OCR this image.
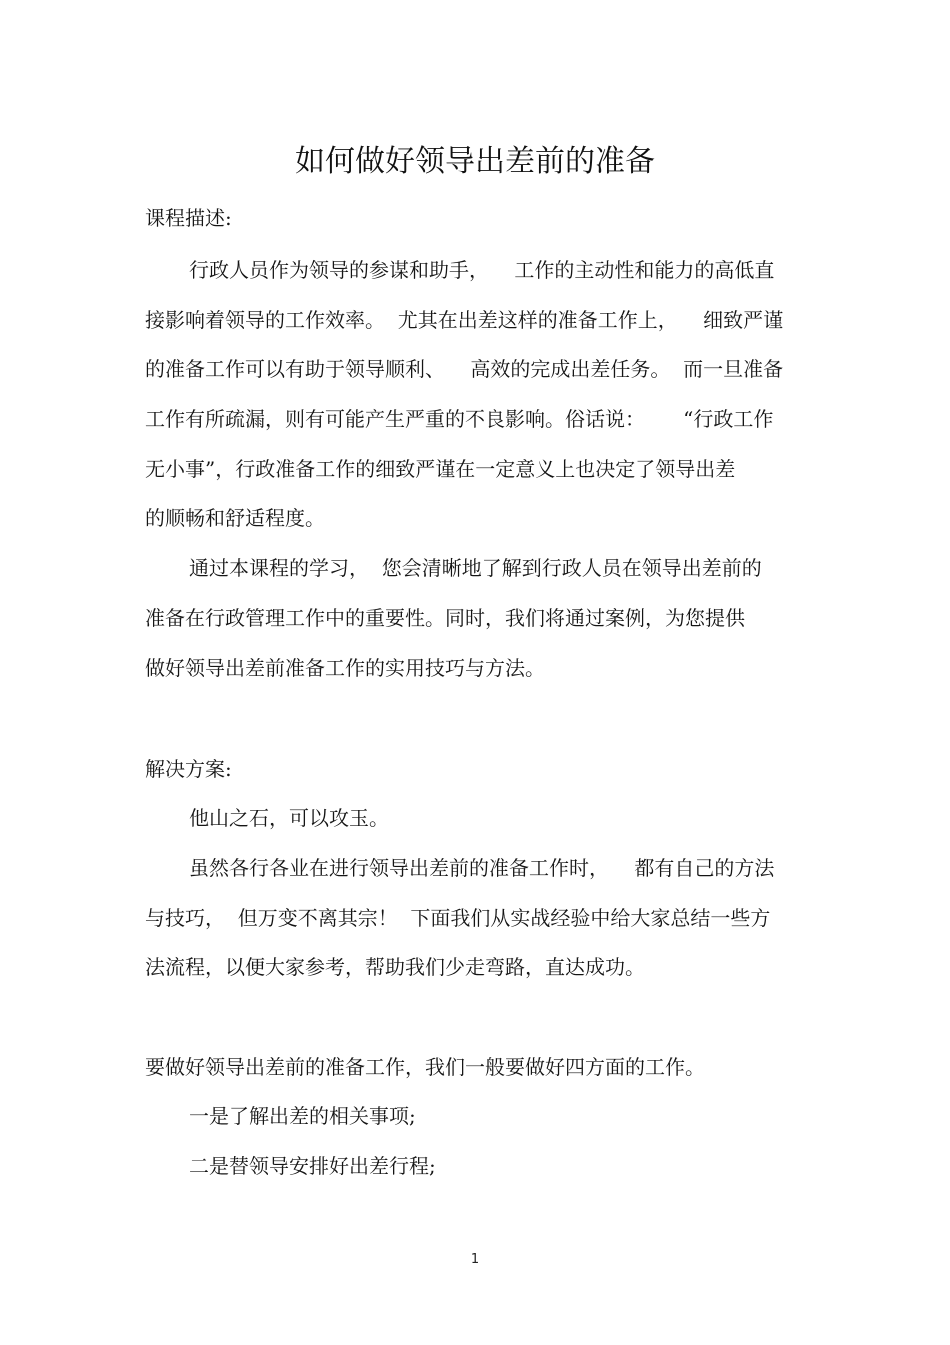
如何做好领导出差前的准备
课程描述:
行政人员作为领导的参谋和助手，    工作的主动性和能力的高低直
接影响着领导的工作效率。  尤其在出差这样的准备工作上，    细致严谨
的准备工作可以有助于领导顺利、    高效的完成出差任务。  而一旦准备
工作有所疏漏，则有可能产生严重的不良影响。俗话说：      “行政工作
无小事”，行政准备工作的细致严谨在一定意义上也决定了领导出差
的顺畅和舒适程度。
通过本课程的学习，  您会清晰地了解到行政人员在领导出差前的
准备在行政管理工作中的重要性。同时，我们将通过案例，为您提供
做好领导出差前准备工作的实用技巧与方法。
解决方案:
他山之石，可以攻玉。
虽然各行各业在进行领导出差前的准备工作时，    都有自己的方法
与技巧，  但万变不离其宗！  下面我们从实战经验中给大家总结一些方
法流程，以便大家参考，帮助我们少走弯路，直达成功。
要做好领导出差前的准备工作，我们一般要做好四方面的工作。
一是了解出差的相关事项;
二是替领导安排好出差行程;
1
